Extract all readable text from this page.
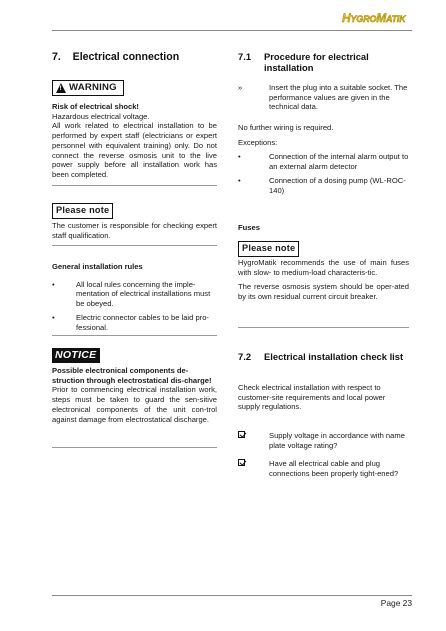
HYGROMATIK
7. Electrical connection
! WARNING

Risk of electrical shock!

Hazardous electrical voltage.

All work related to electrical installation to be performed by expert staff (electricians or expert personnel with equivalent training) only. Do not connect the reverse osmosis unit to the live power supply before all installation work has been completed.

Please note

The customer is responsible for checking expert staff qualification.

General installation rules

•	All local rules concerning the imple-mentation of electrical installations must be obeyed.
•	Electric connector cables to be laid pro-fessional.
NOTICE

Possible electronical components de-struction through electrostatical dis-charge!

Prior to commencing electrical installation work, steps must be taken to guard the sen-sitive electronical components of the unit con-trol against damage from electrostatical discharge.

7.1	Procedure for electrical installation
»	Insert the plug into a suitable socket. The performance values are given in the technical data.

No further wiring is required.

Exceptions:

•	Connection of the internal alarm output to an external alarm detector
•	Connection of a dosing pump (WL-ROC-140)

Fuses

Please note

HygroMatik recommends the use of main fuses with slow- to medium-load characteris-tic.

The reverse osmosis system should be oper-ated by its own residual current circuit breaker.

7.2	Electrical installation check list

Check electrical installation with respect to customer-site requirements and local power supply regulations.

Supply voltage in accordance with name plate voltage rating?
Have all electrical cable and plug connections been properly tight-ened?
Page 23
